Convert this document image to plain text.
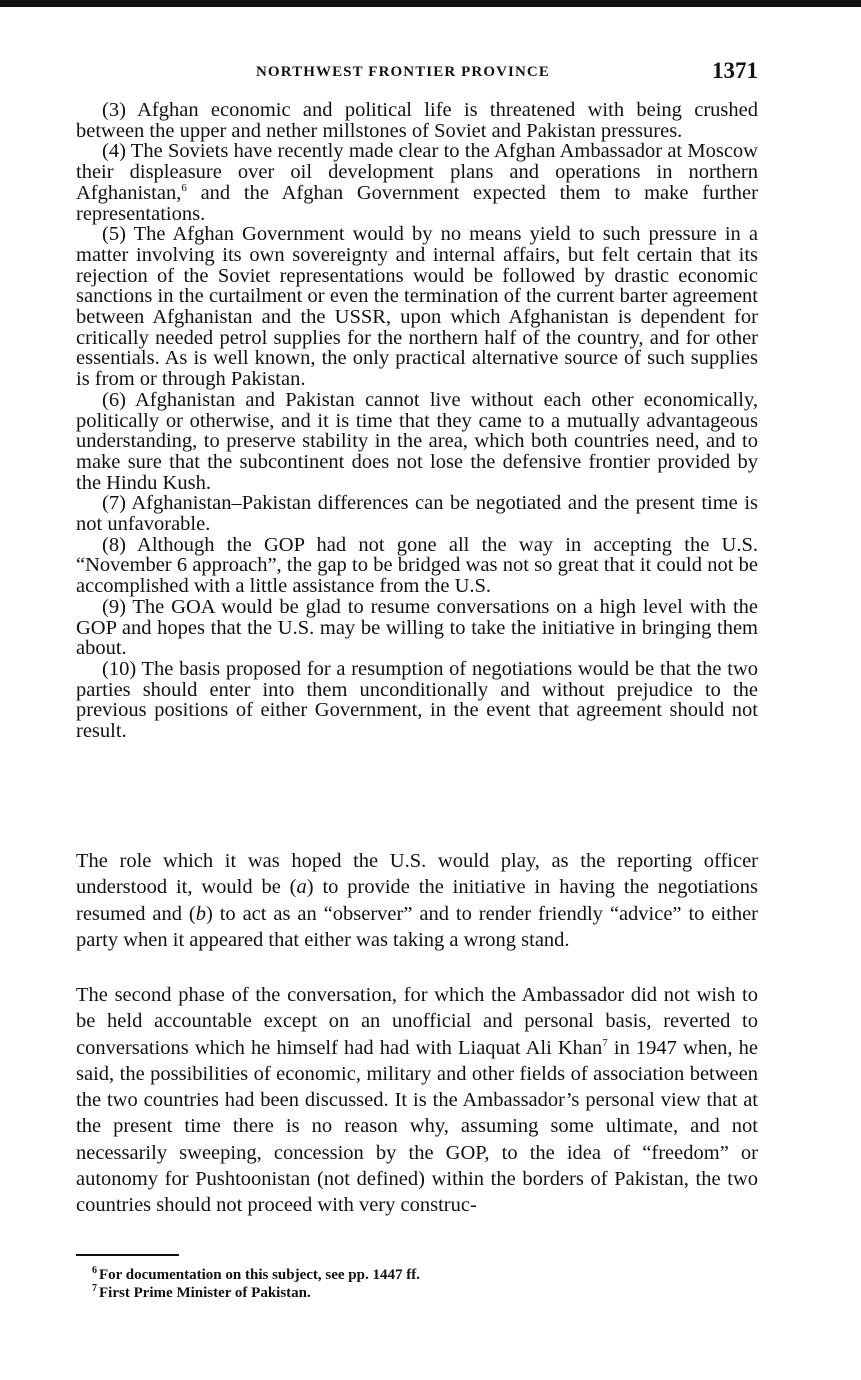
NORTHWEST FRONTIER PROVINCE	1371

(3) Afghan economic and political life is threatened with being crushed between the upper and nether millstones of Soviet and Pakistan pressures.

(4) The Soviets have recently made clear to the Afghan Ambassador at Moscow their displeasure over oil development plans and operations in northern Afghanistan,$^6$ and the Afghan Government expected them to make further representations.

(5) The Afghan Government would by no means yield to such pressure in a matter involving its own sovereignty and internal affairs, but felt certain that its rejection of the Soviet representations would be followed by drastic economic sanctions in the curtailment or even the termination of the current barter agreement between Afghanistan and the USSR, upon which Afghanistan is dependent for critically needed petrol supplies for the northern half of the country, and for other essentials. As is well known, the only practical alternative source of such supplies is from or through Pakistan.

(6) Afghanistan and Pakistan cannot live without each other economically, politically or otherwise, and it is time that they came to a mutually advantageous understanding, to preserve stability in the area, which both countries need, and to make sure that the subcontinent does not lose the defensive frontier provided by the Hindu Kush.

(7) Afghanistan–Pakistan differences can be negotiated and the present time is not unfavorable.

(8) Although the GOP had not gone all the way in accepting the U.S. “November 6 approach”, the gap to be bridged was not so great that it could not be accomplished with a little assistance from the U.S.

(9) The GOA would be glad to resume conversations on a high level with the GOP and hopes that the U.S. may be willing to take the initiative in bringing them about.

(10) The basis proposed for a resumption of negotiations would be that the two parties should enter into them unconditionally and without prejudice to the previous positions of either Government, in the event that agreement should not result.

The role which it was hoped the U.S. would play, as the reporting officer understood it, would be (a) to provide the initiative in having the negotiations resumed and (b) to act as an “observer” and to render friendly “advice” to either party when it appeared that either was taking a wrong stand.

The second phase of the conversation, for which the Ambassador did not wish to be held accountable except on an unofficial and personal basis, reverted to conversations which he himself had had with Liaquat Ali Khan$^7$ in 1947 when, he said, the possibilities of economic, military and other fields of association between the two countries had been discussed. It is the Ambassador’s personal view that at the present time there is no reason why, assuming some ultimate, and not necessarily sweeping, concession by the GOP, to the idea of “freedom” or autonomy for Pushtoonistan (not defined) within the borders of Pakistan, the two countries should not proceed with very construc-

$^6$ For documentation on this subject, see pp. 1447 ff.

$^7$ First Prime Minister of Pakistan.
